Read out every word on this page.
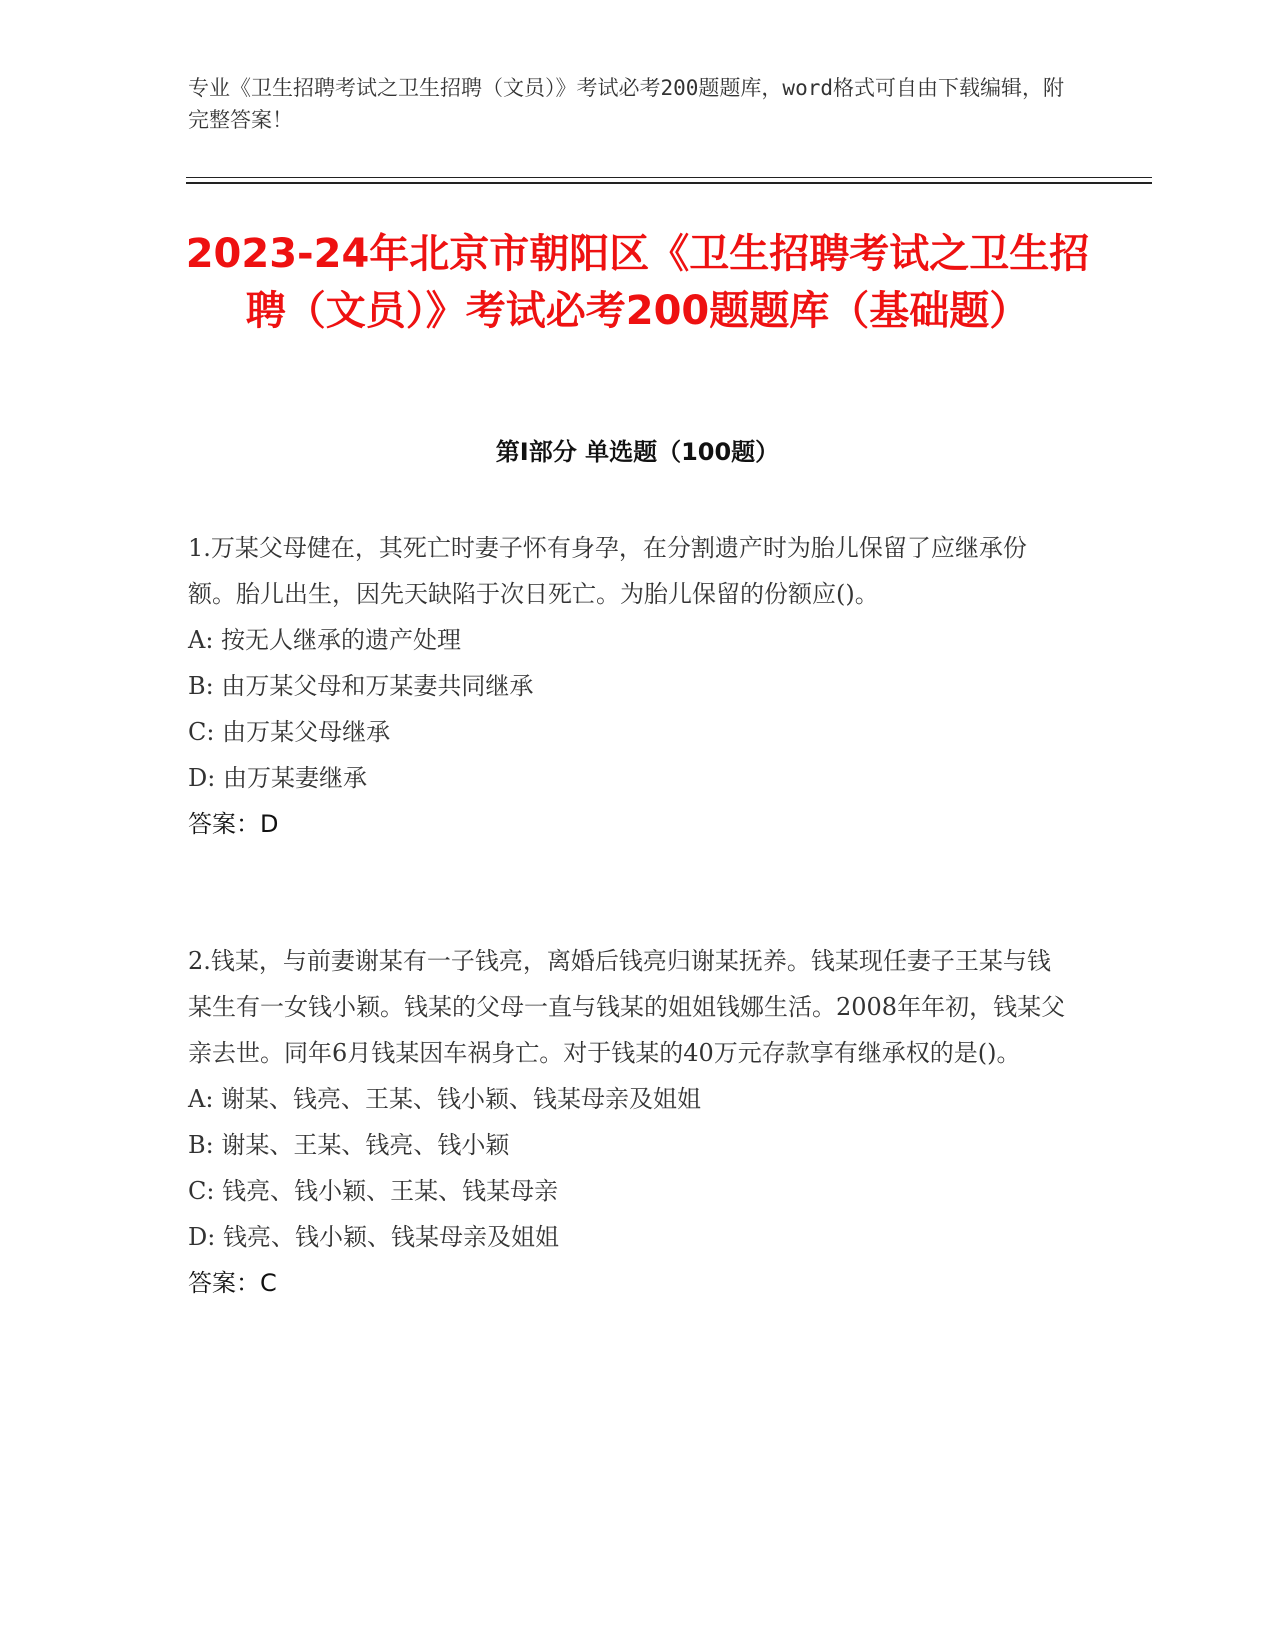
专业《卫生招聘考试之卫生招聘（文员）》考试必考200题题库，word格式可自由下载编辑，附完整答案！

2023-24年北京市朝阳区《卫生招聘考试之卫生招聘（文员）》考试必考200题题库（基础题）
第I部分 单选题（100题）

1.万某父母健在，其死亡时妻子怀有身孕，在分割遗产时为胎儿保留了应继承份额。胎儿出生，因先天缺陷于次日死亡。为胎儿保留的份额应()。

A: 按无人继承的遗产处理

B: 由万某父母和万某妻共同继承

C: 由万某父母继承

D: 由万某妻继承

答案：D

2.钱某，与前妻谢某有一子钱亮，离婚后钱亮归谢某抚养。钱某现任妻子王某与钱某生有一女钱小颖。钱某的父母一直与钱某的姐姐钱娜生活。2008年年初，钱某父亲去世。同年6月钱某因车祸身亡。对于钱某的40万元存款享有继承权的是()。

A: 谢某、钱亮、王某、钱小颖、钱某母亲及姐姐

B: 谢某、王某、钱亮、钱小颖

C: 钱亮、钱小颖、王某、钱某母亲

D: 钱亮、钱小颖、钱某母亲及姐姐

答案：C
